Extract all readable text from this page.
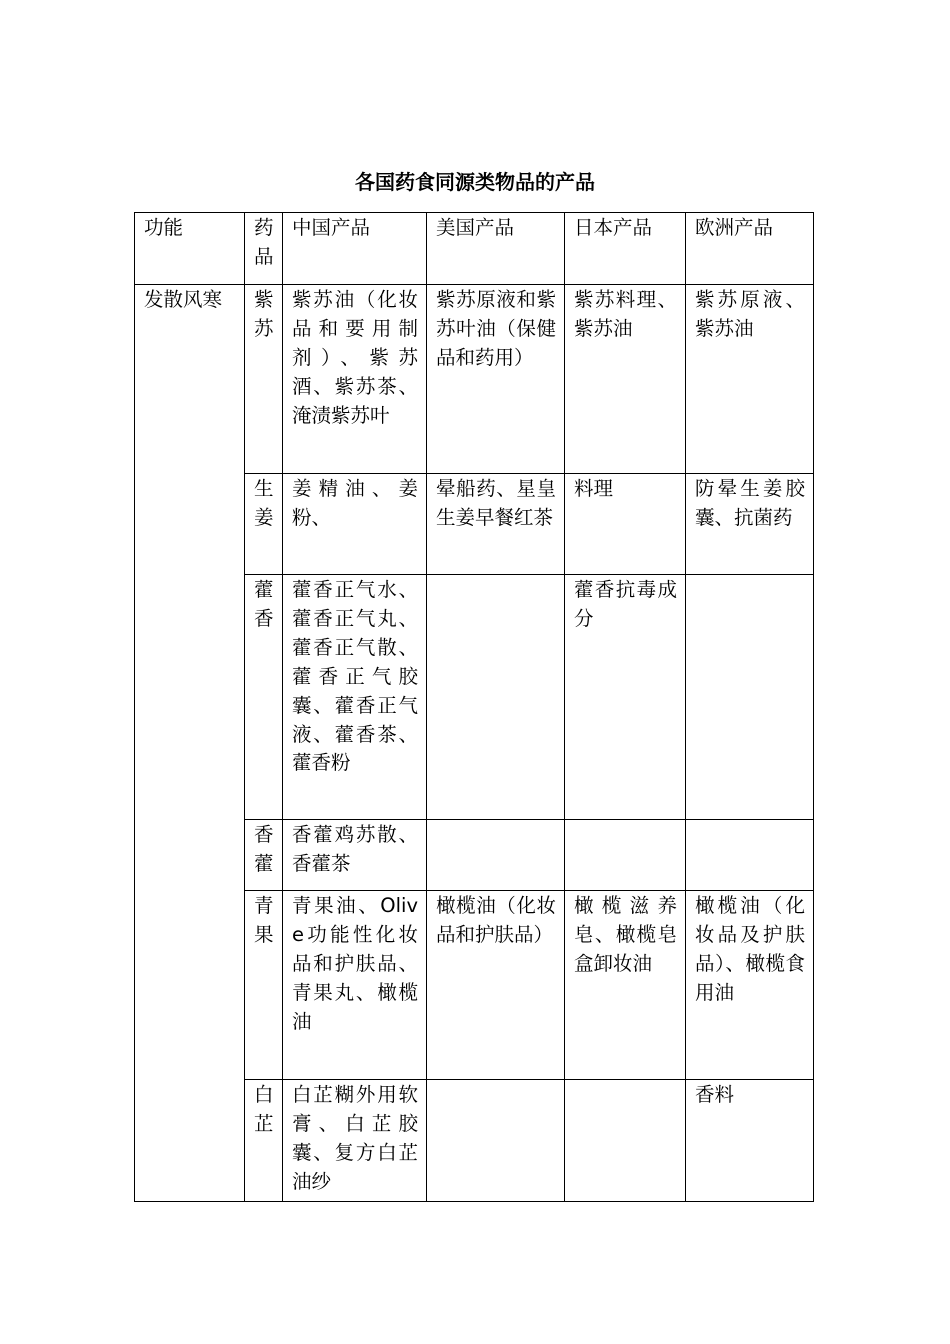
各国药食同源类物品的产品
功能	药品	中国产品	美国产品	日本产品	欧洲产品
发散风寒	紫苏	紫苏油（化妆品和要用制剂）、紫苏酒、紫苏茶、淹渍紫苏叶	紫苏原液和紫苏叶油（保健品和药用）	紫苏料理、紫苏油	紫苏原液、紫苏油
	生姜	姜精油、姜粉、	晕船药、星皇生姜早餐红茶	料理	防晕生姜胶囊、抗菌药
	藿香	藿香正气水、藿香正气丸、藿香正气散、藿香正气胶囊、藿香正气液、藿香茶、藿香粉		藿香抗毒成分	
	香藿	香藿鸡苏散、香藿茶			
	青果	青果油、Olive功能性化妆品和护肤品、青果丸、橄榄油	橄榄油（化妆品和护肤品）	橄榄滋养皂、橄榄皂盒卸妆油	橄榄油（化妆品及护肤品）、橄榄食用油
	白芷	白芷糊外用软膏、白芷胶囊、复方白芷油纱			香料
